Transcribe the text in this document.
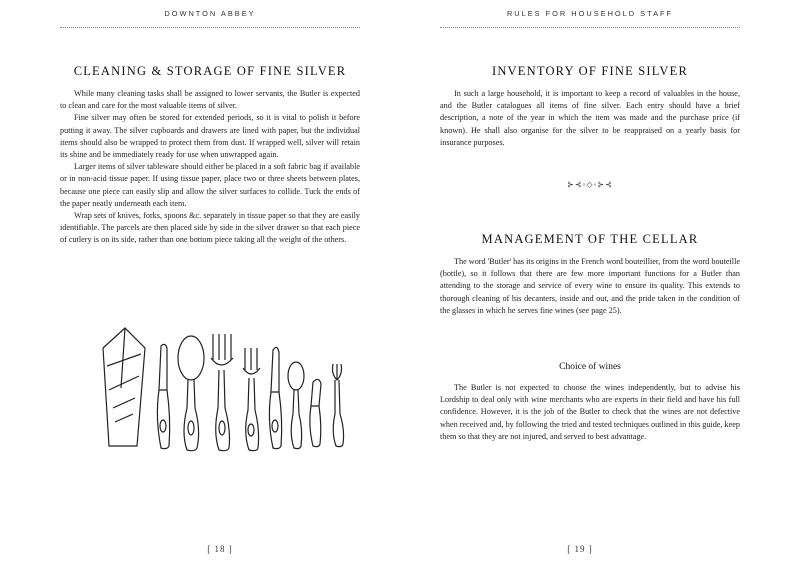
DOWNTON ABBEY
CLEANING & STORAGE OF FINE SILVER

While many cleaning tasks shall be assigned to lower servants, the Butler is expected to clean and care for the most valuable items of silver.

Fine silver may often be stored for extended periods, so it is vital to polish it before putting it away. The silver cupboards and drawers are lined with paper, but the individual items should also be wrapped to protect them from dust. If wrapped well, silver will retain its shine and be immediately ready for use when unwrapped again.

Larger items of silver tableware should either be placed in a soft fabric bag if available or in non-acid tissue paper. If using tissue paper, place two or three sheets between plates, because one piece can easily slip and allow the silver surfaces to collide. Tuck the ends of the paper neatly underneath each item.

Wrap sets of knives, forks, spoons &c. separately in tissue paper so that they are easily identifiable. The parcels are then placed side by side in the silver drawer so that each piece of cutlery is on its side, rather than one bottom piece taking all the weight of the others.

[ 18 ]
RULES FOR HOUSEHOLD STAFF
INVENTORY OF FINE SILVER

In such a large household, it is important to keep a record of valuables in the house, and the Butler catalogues all items of fine silver. Each entry should have a brief description, a note of the year in which the item was made and the purchase price (if known). He shall also organise for the silver to be reappraised on a yearly basis for insurance purposes.

⊱⊰◦◇◦⊱⊰
MANAGEMENT OF THE CELLAR

The word 'Butler' has its origins in the French word bouteillier, from the word bouteille (bottle), so it follows that there are few more important functions for a Butler than attending to the storage and service of every wine to ensure its quality. This extends to thorough cleaning of his decanters, inside and out, and the pride taken in the condition of the glasses in which he serves fine wines (see page 25).

Choice of wines

The Butler is not expected to choose the wines independently, but to advise his Lordship to deal only with wine merchants who are experts in their field and have his full confidence. However, it is the job of the Butler to check that the wines are not defective when received and, by following the tried and tested techniques outlined in this guide, keep them so that they are not injured, and served to best advantage.

[ 19 ]
